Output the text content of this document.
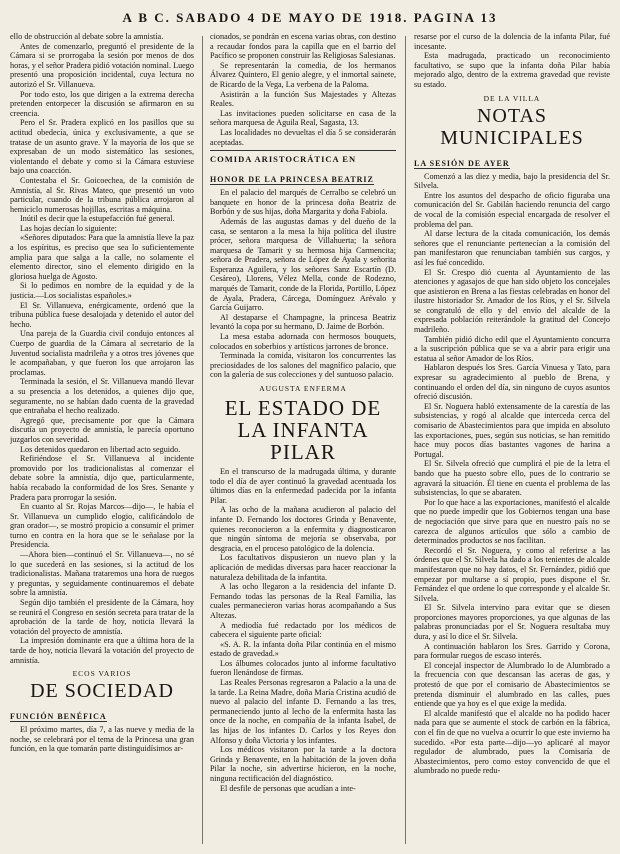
A B C. SABADO 4 DE MAYO DE 1918. PAGINA 13

ello de obstrucción al debate sobre la amnistía.

Antes de comenzarlo, preguntó el presidente de la Cámara si se prorrogaba la sesión por menos de dos horas, y el señor Pradera pidió votación nominal. Luego presentó una proposición incidental, cuya lectura no autorizó el Sr. Villanueva.

Por todo esto, los que dirigen a la extrema derecha pretenden entorpecer la discusión se afirmaron en su creencia.

Pero el Sr. Pradera explicó en los pasillos que su actitud obedecía, única y exclusivamente, a que se tratase de un asunto grave. Y la mayoría de los que se expresaban de un modo sistemático las sesiones, violentando el debate y como si la Cámara estuviese bajo una coacción.

Contestaba el Sr. Goicoechea, de la comisión de Amnistía, al Sr. Rivas Mateo, que presentó un voto particular, cuando de la tribuna pública arrojaron al hemiciclo numerosas hojillas, escritas a máquina.

Inútil es decir que la estupefacción fué general.

Las hojas decían lo siguiente:

«Señores diputados: Para que la amnistía lleve la paz a los espíritus, es preciso que sea lo suficientemente amplia para que salga a la calle, no solamente el elemento director, sino el elemento dirigido en la gloriosa huelga de Agosto.

Si lo pedimos en nombre de la equidad y de la justicia.—Los socialistas españoles.»

El Sr. Villanueva, enérgicamente, ordenó que la tribuna pública fuese desalojada y detenido el autor del hecho.

Una pareja de la Guardia civil condujo entonces al Cuerpo de guardia de la Cámara al secretario de la Juventud socialista madrileña y a otros tres jóvenes que le acompañaban, y que fueron los que arrojaron las proclamas.

Terminada la sesión, el Sr. Villanueva mandó llevar a su presencia a los detenidos, a quienes dijo que, seguramente, no se habían dado cuenta de la gravedad que entrañaba el hecho realizado.

Agregó que, precisamente por que la Cámara discutía un proyecto de amnistía, le parecía oportuno juzgarlos con severidad.

Los detenidos quedaron en libertad acto seguido.

Refiriéndose el Sr. Villanueva al incidente promovido por los tradicionalistas al comenzar el debate sobre la amnistía, dijo que, particularmente, había recabado la conformidad de los Sres. Senante y Pradera para prorrogar la sesión.

En cuanto al Sr. Rojas Marcos—dijo—, le había el Sr. Villanueva un cumplido elogio, calificándolo de gran orador—, se mostró propicio a consumir el primer turno en contra en la hora que se le señalase por la Presidencia.

—Ahora bien—continuó el Sr. Villanueva—, no sé lo que sucederá en las sesiones, si la actitud de los tradicionalistas. Mañana trataremos una hora de ruegos y preguntas, y seguidamente continuaremos el debate sobre la amnistía.

Según dijo también el presidente de la Cámara, hoy se reunirá el Congreso en sesión secreta para tratar de la aprobación de la tarde de hoy, noticia llevará la votación del proyecto de amnistía.

La impresión dominante era que a última hora de la tarde de hoy, noticia llevará la votación del proyecto de amnistía.

ECOS VARIOS
DE SOCIEDAD
FUNCIÓN BENÉFICA

El próximo martes, día 7, a las nueve y media de la noche, se celebrará por el tema de la Princesa una gran función, en la que tomarán parte distinguidísimos ar-

cionados, se pondrán en escena varias obras, con destino a recaudar fondos para la capilla que en el barrio del Pacífico se proponen construir las Religiosas Salesianas.

Se representarán la comedia, de los hermanos Álvarez Quintero, El genio alegre, y el inmortal sainete, de Ricardo de la Vega, La verbena de la Paloma.

Asistirán a la función Sus Majestades y Altezas Reales.

Las invitaciones pueden solicitarse en casa de la señora marquesa de Aguila Real, Sagasta, 13.

Las localidades no devueltas el día 5 se considerarán aceptadas.

COMIDA ARISTOCRÁTICA EN
HONOR DE LA PRINCESA BEATRIZ

En el palacio del marqués de Cerralbo se celebró un banquete en honor de la princesa doña Beatriz de Borbón y de sus hijas, doña Margarita y doña Fabiola.

Además de las augustas damas y del dueño de la casa, se sentaron a la mesa la hija política del ilustre prócer, señora marquesa de Villahuerta; la señora marquesa de Tamarit y su hermosa hija Carmencita; señora de Pradera, señora de López de Ayala y señorita Esperanza Aguilera, y los señores Sanz Escartín (D. Cesáreo), Llorens, Vélez Mella, conde de Rodezno, marqués de Tamarit, conde de la Florida, Portillo, López de Ayala, Pradera, Cárcega, Domínguez Arévalo y García Guijarro.

Al destaparse el Champagne, la princesa Beatriz levantó la copa por su hermano, D. Jaime de Borbón.

La mesa estaba adornada con hermosos bouquets, colocados en soberbios y artísticos jarrones de bronce.

Terminada la comida, visitaron los concurrentes las preciosidades de los salones del magnífico palacio, que con la galería de sus colecciones y del suntuoso palacio.

AUGUSTA ENFERMA
EL ESTADO DE LA INFANTA PILAR

En el transcurso de la madrugada última, y durante todo el día de ayer continuó la gravedad acentuada los últimos días en la enfermedad padecida por la infanta Pilar.

A las ocho de la mañana acudieron al palacio del infante D. Fernando los doctores Grinda y Benavente, quienes reconocieron a la enfermita y diagnosticaron que ningún síntoma de mejoría se observaba, por desgracia, en el proceso patológico de la dolencia.

Los facultativos dispusieron un nuevo plan y la aplicación de medidas diversas para hacer reaccionar la naturaleza debilitada de la infantita.

A las ocho llegaron a la residencia del infante D. Fernando todas las personas de la Real Familia, las cuales permanecieron varias horas acompañando a Sus Altezas.

A mediodía fué redactado por los médicos de cabecera el siguiente parte oficial:

«S. A. R. la infanta doña Pilar continúa en el mismo estado de gravedad.»

Los álbumes colocados junto al informe facultativo fueron llenándose de firmas.

Las Reales Personas regresaron a Palacio a la una de la tarde. La Reina Madre, doña María Cristina acudió de nuevo al palacio del infante D. Fernando a las tres, permaneciendo junto al lecho de la enfermita hasta las once de la noche, en compañía de la infanta Isabel, de las hijas de los infantes D. Carlos y los Reyes don Alfonso y doña Victoria y los infantes.

Los médicos visitaron por la tarde a la doctora Grinda y Benavente, en la habitación de la joven doña Pilar la noche, sin advertirse hicieron, en la noche, ninguna rectificación del diagnóstico.

El desfile de personas que acudían a inte-

resarse por el curso de la dolencia de la infanta Pilar, fué incesante.

Esta madrugada, practicado un reconocimiento facultativo, se supo que la infanta doña Pilar había mejorado algo, dentro de la extrema gravedad que reviste su estado.

DE LA VILLA
NOTAS MUNICIPALES
LA SESIÓN DE AYER

Comenzó a las diez y media, bajo la presidencia del Sr. Silvela.

Entre los asuntos del despacho de oficio figuraba una comunicación del Sr. Gabilán haciendo renuncia del cargo de vocal de la comisión especial encargada de resolver el problema del pan.

Al darse lectura de la citada comunicación, los demás señores que el renunciante pertenecían a la comisión del pan manifestaron que renunciaban también sus cargos, y así les fué concedido.

El Sr. Crespo dió cuenta al Ayuntamiento de las atenciones y agasajos de que han sido objeto los concejales que asistieron en Brena a las fiestas celebradas en honor del ilustre historiador Sr. Amador de los Ríos, y el Sr. Silvela se congratuló de ello y del envío del alcalde de la expresada población reiterándole la gratitud del Concejo madrileño.

También pidió dicho edil que el Ayuntamiento concurra a la suscripción pública que se va a abrir para erigir una estatua al señor Amador de los Ríos.

Hablaron después los Sres. García Vinuesa y Tato, para expresar su agradecimiento al pueblo de Brena, y continuando el orden del día, sin ninguno de cuyos asuntos ofreció discusión.

El Sr. Noguera habló extensamente de la carestía de las subsistencias, y rogó al alcalde que interceda cerca del comisario de Abastecimientos para que impida en absoluto las exportaciones, pues, según sus noticias, se han remitido hace muy pocos días bastantes vagones de harina a Portugal.

El Sr. Silvela ofreció que cumplirá el pie de la letra el bando que ha puesto sobre ello, pues de lo contrario se agravará la situación. Él tiene en cuenta el problema de las subsistencias, lo que se abaraten.

Por lo que hace a las exportaciones, manifestó el alcalde que no puede impedir que los Gobiernos tengan una base de negociación que sirve para que en nuestro país no se carezca de algunos artículos que sólo a cambio de determinados productos se nos facilitan.

Recordó el Sr. Noguera, y como al referirse a las órdenes que el Sr. Silvela ha dado a los tenientes de alcalde manifestaron que no hay datos, el Sr. Fernández, pidió que empezar por multarse a sí propio, pues dispone el Sr. Fernández el que ordene lo que corresponde y el alcalde Sr. Silvela.

El Sr. Silvela intervino para evitar que se diesen proporciones mayores proporciones, ya que algunas de las palabras pronunciadas por el Sr. Noguera resultaba muy dura, y así lo dice el Sr. Silvela.

A continuación hablaron los Sres. Garrido y Corona, para formular ruegos de escaso interés.

El concejal inspector de Alumbrado lo de Alumbrado a la frecuencia con que descansan las aceras de gas, y protestó de que por el comisario de Abastecimientos se pretenda disminuir el alumbrado en las calles, pues entiende que ya hoy es el que exige la medida.

El alcalde manifestó que el alcalde no ha podido hacer nada para que se aumente el stock de carbón en la fábrica, con el fin de que no vuelva a ocurrir lo que este invierno ha sucedido. «Por esta parte—dijo—yo aplicaré al mayor regulador de alumbrado, pues la Comisaría de Abastecimientos, pero como estoy convencido de que el alumbrado no puede redu-
